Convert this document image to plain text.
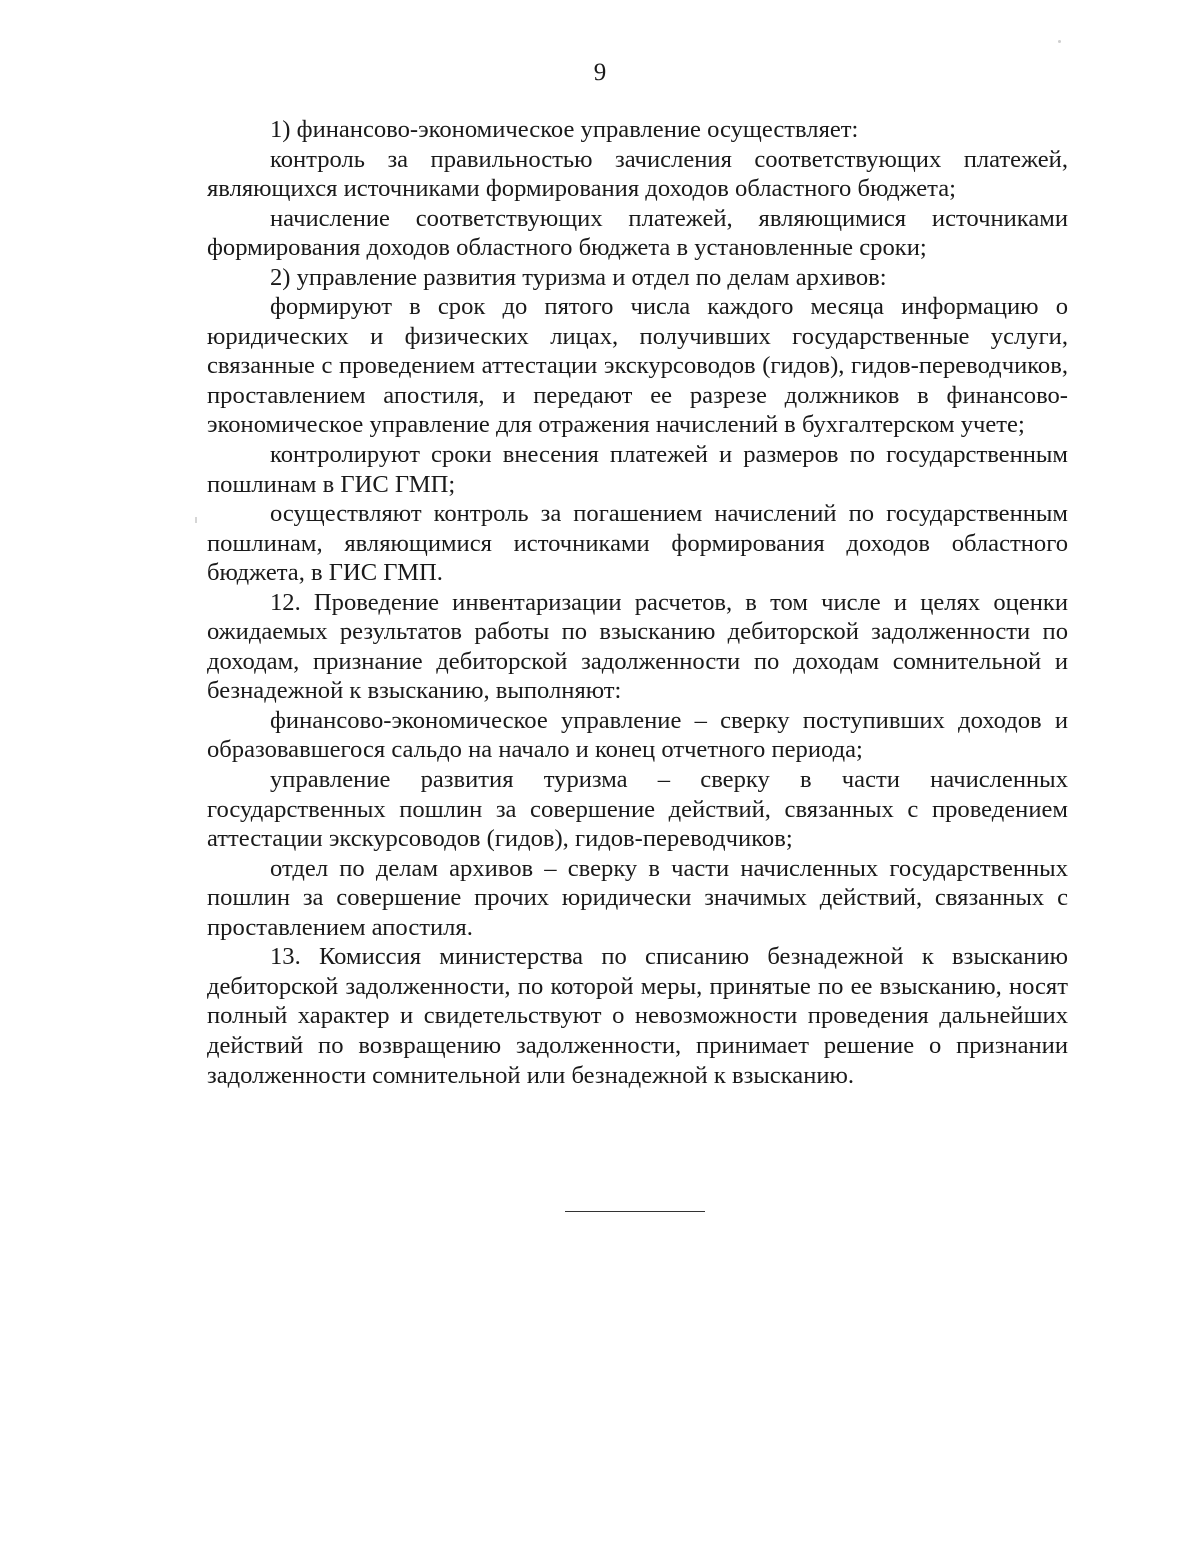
9

1) финансово-экономическое управление осуществляет:

контроль за правильностью зачисления соответствующих платежей, являющихся источниками формирования доходов областного бюджета;

начисление соответствующих платежей, являющимися источниками формирования доходов областного бюджета в установленные сроки;

2) управление развития туризма и отдел по делам архивов:

формируют в срок до пятого числа каждого месяца информацию о юридических и физических лицах, получивших государственные услуги, связанные с проведением аттестации экскурсоводов (гидов), гидов-переводчиков, проставлением апостиля, и передают ее разрезе должников в финансово-экономическое управление для отражения начислений в бухгалтерском учете;

контролируют сроки внесения платежей и размеров по государственным пошлинам в ГИС ГМП;

осуществляют контроль за погашением начислений по государственным пошлинам, являющимися источниками формирования доходов областного бюджета, в ГИС ГМП.

12. Проведение инвентаризации расчетов, в том числе и целях оценки ожидаемых результатов работы по взысканию дебиторской задолженности по доходам, признание дебиторской задолженности по доходам сомнительной и безнадежной к взысканию, выполняют:

финансово-экономическое управление – сверку поступивших доходов и образовавшегося сальдо на начало и конец отчетного периода;

управление развития туризма – сверку в части начисленных государственных пошлин за совершение действий, связанных с проведением аттестации экскурсоводов (гидов), гидов-переводчиков;

отдел по делам архивов – сверку в части начисленных государственных пошлин за совершение прочих юридически значимых действий, связанных с проставлением апостиля.

13. Комиссия министерства по списанию безнадежной к взысканию дебиторской задолженности, по которой меры, принятые по ее взысканию, носят полный характер и свидетельствуют о невозможности проведения дальнейших действий по возвращению задолженности, принимает решение о признании задолженности сомнительной или безнадежной к взысканию.
